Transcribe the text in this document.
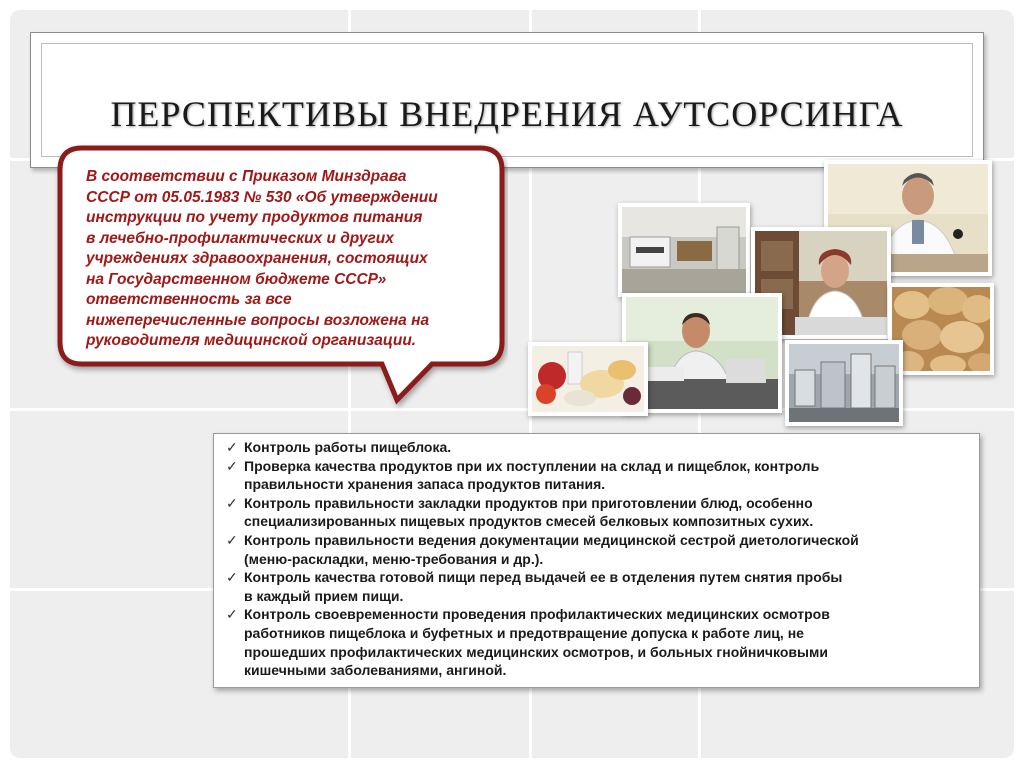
ПЕРСПЕКТИВЫ ВНЕДРЕНИЯ АУТСОРСИНГА
В соответствии с Приказом Минздрава
СССР от 05.05.1983 № 530 «Об утверждении
инструкции по учету продуктов питания
в лечебно-профилактических и других
учреждениях здравоохранения, состоящих
на Государственном бюджете СССР»
ответственность за все
нижеперечисленные вопросы возложена на
руководителя медицинской организации.
✓ Контроль работы пищеблока.
✓ Проверка качества продуктов при их поступлении на склад и пищеблок, контроль
правильности хранения запаса продуктов питания.
✓ Контроль правильности закладки продуктов при приготовлении блюд, особенно
специализированных пищевых продуктов смесей белковых композитных сухих.
✓ Контроль правильности ведения документации медицинской сестрой диетологической
(меню-раскладки, меню-требования и др.).
✓ Контроль качества готовой пищи перед выдачей ее в отделения путем снятия пробы
в каждый прием пищи.
✓ Контроль своевременности проведения профилактических медицинских осмотров
работников пищеблока и буфетных и предотвращение допуска к работе лиц, не
прошедших профилактических медицинских осмотров, и больных гнойничковыми
кишечными заболеваниями, ангиной.
